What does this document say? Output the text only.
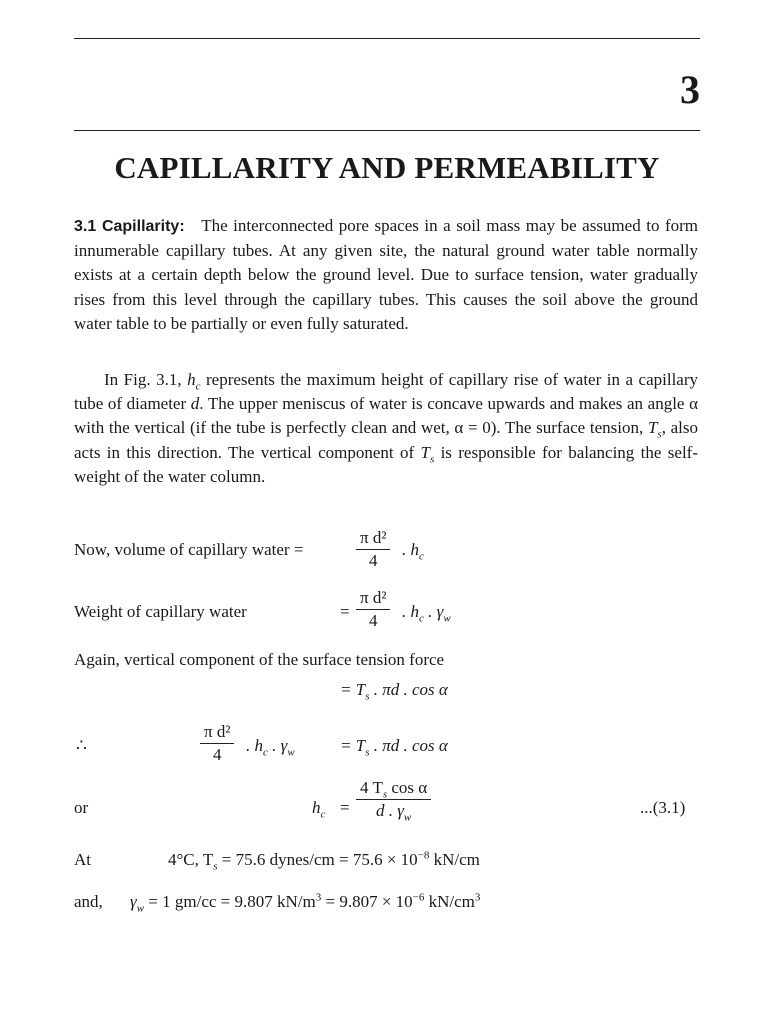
3
CAPILLARITY AND PERMEABILITY
3.1 Capillarity: The interconnected pore spaces in a soil mass may be assumed to form innumerable capillary tubes. At any given site, the natural ground water table normally exists at a certain depth below the ground level. Due to surface tension, water gradually rises from this level through the capillary tubes. This causes the soil above the ground water table to be partially or even fully saturated.
In Fig. 3.1, $h_c$ represents the maximum height of capillary rise of water in a capillary tube of diameter d. The upper meniscus of water is concave upwards and makes an angle α with the vertical (if the tube is perfectly clean and wet, α = 0). The surface tension, $T_s$, also acts in this direction. The vertical component of $T_s$ is responsible for balancing the self-weight of the water column.
Now, volume of capillary water =	$\frac{\text{π d²}}{4}$ . $h_c$
Weight of capillary water	= $\frac{\text{π d²}}{4}$ . $h_c$ . $\gamma_w$
Again, vertical component of the surface tension force
= $T_s$ . πd . cos α
∴	$\frac{\text{π d²}}{4}$ . $h_c$ . $\gamma_w$	= $T_s$ . πd . cos α
or	$h_c = \frac{4 T_s \cos \alpha}{d . \gamma_w}$	...(3.1)
At	4°C, $T_s = 75.6$ dynes/cm = $75.6 \times 10^{-8}$ kN/cm
and, $\gamma_w = 1$ gm/cc = 9.807 $kN/m^3 = 9.807 \times 10^{-6}$ $kN/cm^3$
